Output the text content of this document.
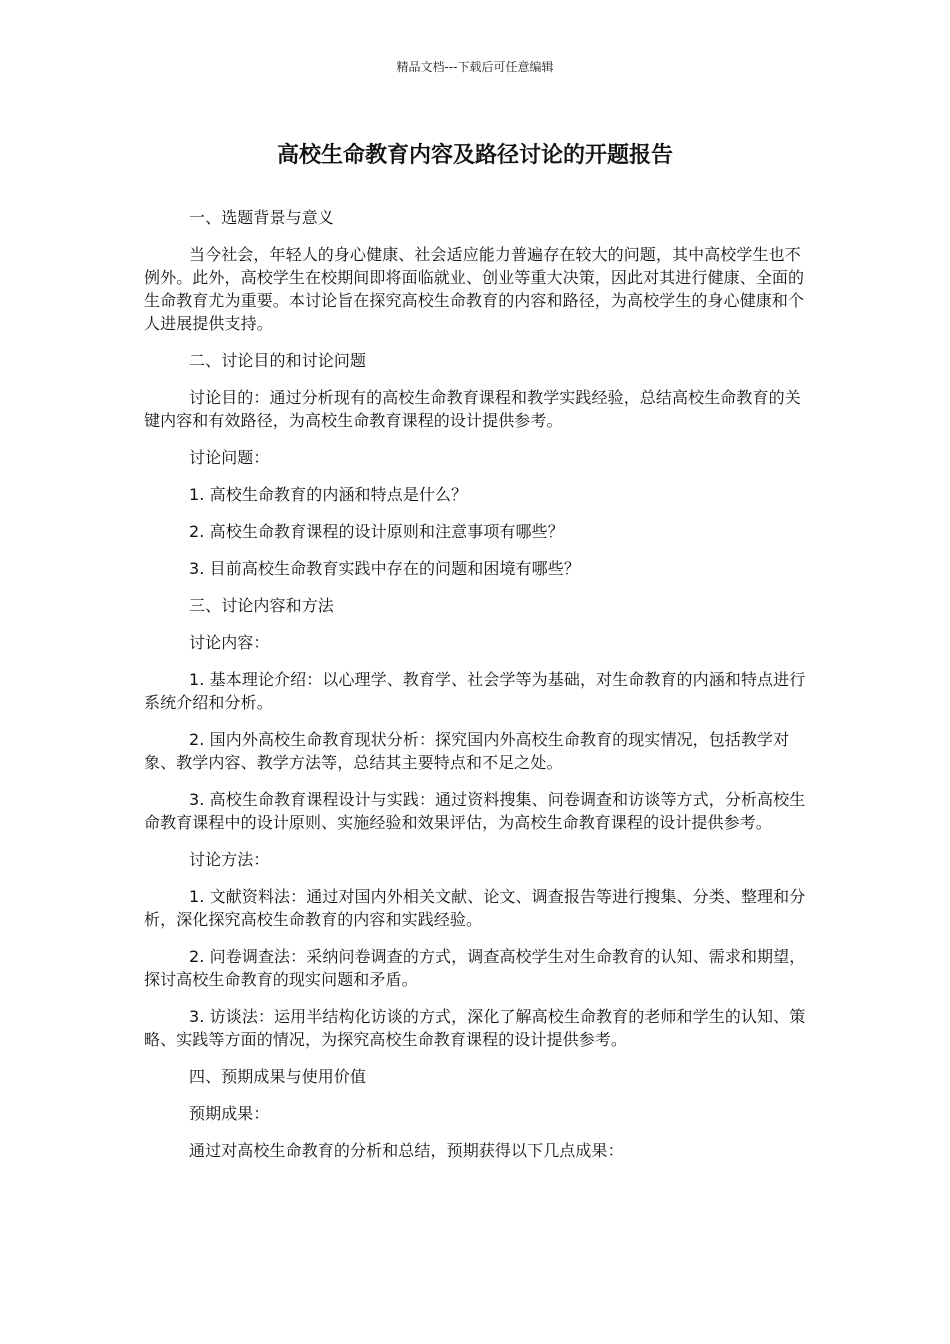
精品文档---下载后可任意编辑
高校生命教育内容及路径讨论的开题报告

一、选题背景与意义

当今社会，年轻人的身心健康、社会适应能力普遍存在较大的问题，其中高校学生也不例外。此外，高校学生在校期间即将面临就业、创业等重大决策，因此对其进行健康、全面的生命教育尤为重要。本讨论旨在探究高校生命教育的内容和路径，为高校学生的身心健康和个人进展提供支持。

二、讨论目的和讨论问题

讨论目的：通过分析现有的高校生命教育课程和教学实践经验，总结高校生命教育的关键内容和有效路径，为高校生命教育课程的设计提供参考。

讨论问题：

1. 高校生命教育的内涵和特点是什么？

2. 高校生命教育课程的设计原则和注意事项有哪些？

3. 目前高校生命教育实践中存在的问题和困境有哪些？

三、讨论内容和方法

讨论内容：

1. 基本理论介绍：以心理学、教育学、社会学等为基础，对生命教育的内涵和特点进行系统介绍和分析。

2. 国内外高校生命教育现状分析：探究国内外高校生命教育的现实情况，包括教学对象、教学内容、教学方法等，总结其主要特点和不足之处。

3. 高校生命教育课程设计与实践：通过资料搜集、问卷调查和访谈等方式，分析高校生命教育课程中的设计原则、实施经验和效果评估，为高校生命教育课程的设计提供参考。

讨论方法：

1. 文献资料法：通过对国内外相关文献、论文、调查报告等进行搜集、分类、整理和分析，深化探究高校生命教育的内容和实践经验。

2. 问卷调查法：采纳问卷调查的方式，调查高校学生对生命教育的认知、需求和期望，探讨高校生命教育的现实问题和矛盾。

3. 访谈法：运用半结构化访谈的方式，深化了解高校生命教育的老师和学生的认知、策略、实践等方面的情况，为探究高校生命教育课程的设计提供参考。

四、预期成果与使用价值

预期成果：

通过对高校生命教育的分析和总结，预期获得以下几点成果：
